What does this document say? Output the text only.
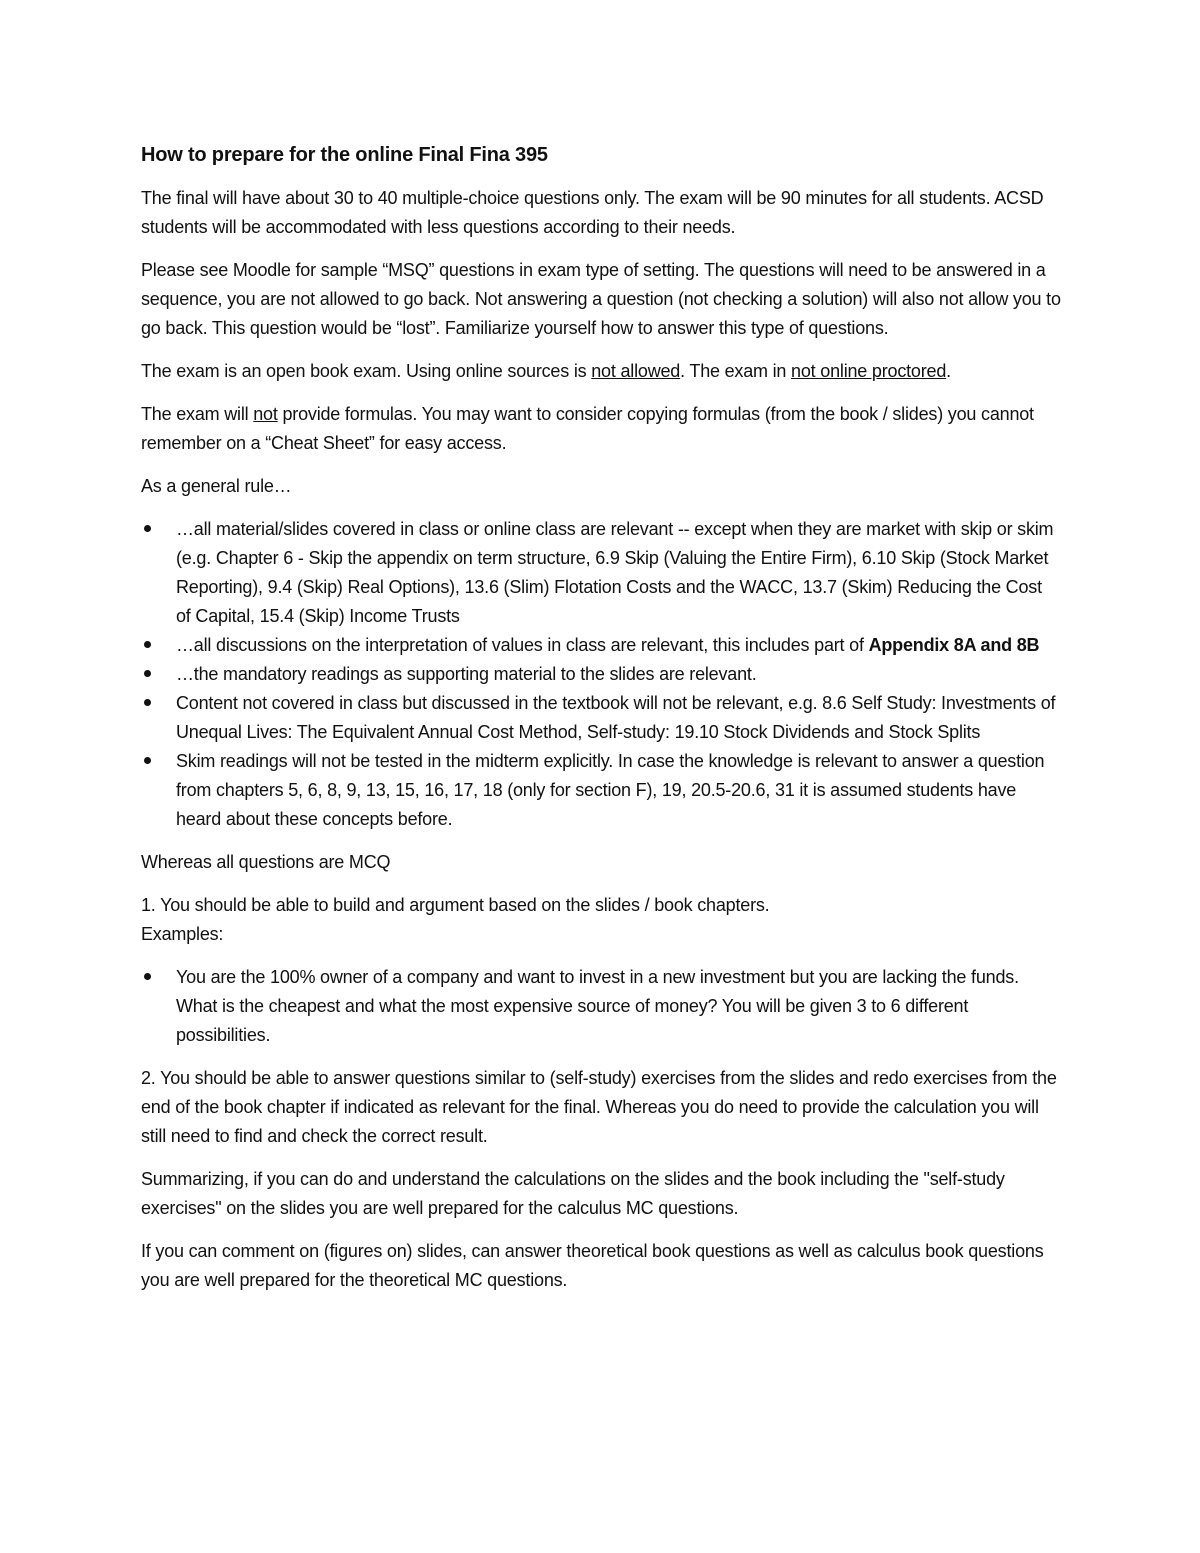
How to prepare for the online Final Fina 395

The final will have about 30 to 40 multiple-choice questions only. The exam will be 90 minutes for all students. ACSD students will be accommodated with less questions according to their needs.

Please see Moodle for sample “MSQ” questions in exam type of setting. The questions will need to be answered in a sequence, you are not allowed to go back. Not answering a question (not checking a solution) will also not allow you to go back. This question would be “lost”. Familiarize yourself how to answer this type of questions.

The exam is an open book exam. Using online sources is not allowed. The exam in not online proctored.

The exam will not provide formulas. You may want to consider copying formulas (from the book / slides) you cannot remember on a “Cheat Sheet” for easy access.

As a general rule…

…all material/slides covered in class or online class are relevant -- except when they are market with skip or skim (e.g. Chapter 6 - Skip the appendix on term structure, 6.9 Skip (Valuing the Entire Firm), 6.10 Skip (Stock Market Reporting), 9.4 (Skip) Real Options), 13.6 (Slim) Flotation Costs and the WACC, 13.7 (Skim) Reducing the Cost of Capital, 15.4 (Skip) Income Trusts
…all discussions on the interpretation of values in class are relevant, this includes part of Appendix 8A and 8B
…the mandatory readings as supporting material to the slides are relevant.
Content not covered in class but discussed in the textbook will not be relevant, e.g. 8.6 Self Study: Investments of Unequal Lives: The Equivalent Annual Cost Method, Self-study: 19.10 Stock Dividends and Stock Splits
Skim readings will not be tested in the midterm explicitly. In case the knowledge is relevant to answer a question from chapters 5, 6, 8, 9, 13, 15, 16, 17, 18 (only for section F), 19, 20.5-20.6, 31 it is assumed students have heard about these concepts before.

Whereas all questions are MCQ

1. You should be able to build and argument based on the slides / book chapters.

Examples:

You are the 100% owner of a company and want to invest in a new investment but you are lacking the funds. What is the cheapest and what the most expensive source of money? You will be given 3 to 6 different possibilities.

2. You should be able to answer questions similar to (self-study) exercises from the slides and redo exercises from the end of the book chapter if indicated as relevant for the final. Whereas you do need to provide the calculation you will still need to find and check the correct result.

Summarizing, if you can do and understand the calculations on the slides and the book including the "self-study exercises" on the slides you are well prepared for the calculus MC questions.

If you can comment on (figures on) slides, can answer theoretical book questions as well as calculus book questions you are well prepared for the theoretical MC questions.
